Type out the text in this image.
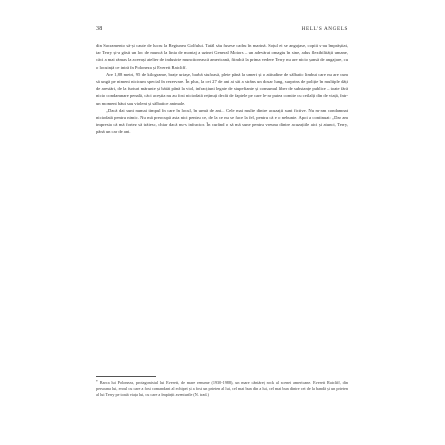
38	HELL'S ANGELS

din Sacramento să-și caute de lucru la Regiunea Golfului. Tatăl său fusese cadru în marină. Soțul ei se angajase, copiii s-au împrăștiat, iar Terry și-a găsit un loc de muncă la linia de montaj a uzinei General Motors – un adevărat omagiu în sine, adus flexibilității umane, căci a mai rămas la aceeași atelier de industrie muncitorească americană, fiindcă la prima vedere Terry nu are nicio șansă de angajare, cu o locuință ce intră în Poloneza și Everett Ratcliff.

Are 1,88 metri, 95 de kilograme, brațe uriașe, barbă stufoasă, plete până la umeri și o atitudine de sălbatic limbut care nu are cum să ungă pe nimeni nicicum special în rezervare. În plus, la cei 27 de ani ai săi a strâns un dosar lung, surprins de poliție în multiple dăți de arestări, de la furturi mărunte și bătăi până la viol, infracțiuni legate de stupefiante și consumul liber de substanțe publice – toate fără nicio condamnare penală, căci aceștia nu au fost niciodată reținuți decât de faptele pe care le-ar putea comite cu ceilalți din de viață, într-un moment băut sau violent și sălbatice animale.

„Dacă dai sunt numai timpul în care în locul, în urmă de ani... Cele mai multe dintre acuzații sunt fictive. Nu m-am condamnat niciodată pentru nimic. Nu mă preocupă asta nici pentru ce, de la ce nu se face la fel, pentru că e o nebunie. Apoi a continuat: „Dar am impresia că mă fortez să trăiesc, chiar dacă nu-s infractor. În curând o să mă sune pentru vreuna dintre acuzațiile aici și atunci, Terry, până un car de ani.

* Barca lui Poloneza, protagonistul lui Everett, de mare renume (1930-1988), un mare cântăreț rock al scenei americane. Everett Ratcliff, din persoana lui, eroul cu care a fost comandant al echipei și a fost un prieten al lui, cel mai bun din a lui, cel mai bun dintre cei de la bandă și un prieten al lui Terry pe toată viața lui, cu care a împărțit aventurile (N. trad.)
